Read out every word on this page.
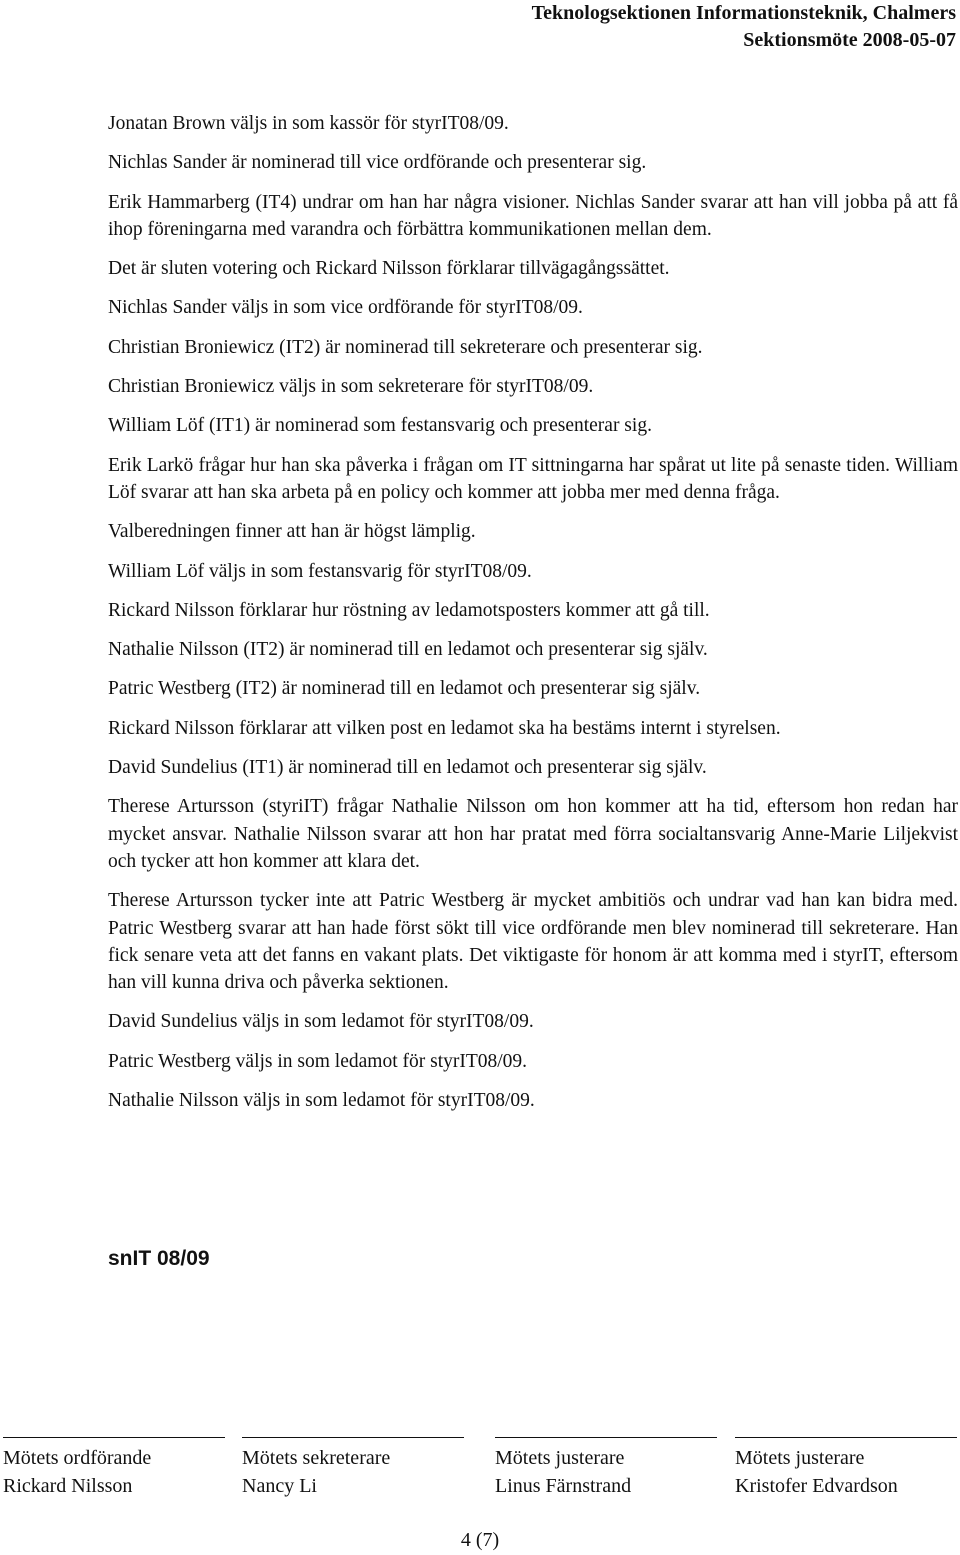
Teknologsektionen Informationsteknik, Chalmers
Sektionsmöte 2008-05-07

Jonatan Brown väljs in som kassör för styrIT08/09.

Nichlas Sander är nominerad till vice ordförande och presenterar sig.

Erik Hammarberg (IT4) undrar om han har några visioner. Nichlas Sander svarar att han vill jobba på att få ihop föreningarna med varandra och förbättra kommunikationen mellan dem.

Det är sluten votering och Rickard Nilsson förklarar tillvägagångssättet.

Nichlas Sander väljs in som vice ordförande för styrIT08/09.

Christian Broniewicz (IT2) är nominerad till sekreterare och presenterar sig.

Christian Broniewicz väljs in som sekreterare för styrIT08/09.

William Löf (IT1) är nominerad som festansvarig och presenterar sig.

Erik Larkö frågar hur han ska påverka i frågan om IT sittningarna har spårat ut lite på senaste tiden. William Löf svarar att han ska arbeta på en policy och kommer att jobba mer med denna fråga.

Valberedningen finner att han är högst lämplig.

William Löf väljs in som festansvarig för styrIT08/09.

Rickard Nilsson förklarar hur röstning av ledamotsposters kommer att gå till.

Nathalie Nilsson (IT2) är nominerad till en ledamot och presenterar sig själv.

Patric Westberg (IT2) är nominerad till en ledamot och presenterar sig själv.

Rickard Nilsson förklarar att vilken post en ledamot ska ha bestäms internt i styrelsen.

David Sundelius (IT1) är nominerad till en ledamot och presenterar sig själv.

Therese Artursson (styriIT) frågar Nathalie Nilsson om hon kommer att ha tid, eftersom hon redan har mycket ansvar. Nathalie Nilsson svarar att hon har pratat med förra socialtansvarig Anne-Marie Liljekvist och tycker att hon kommer att klara det.

Therese Artursson tycker inte att Patric Westberg är mycket ambitiös och undrar vad han kan bidra med. Patric Westberg svarar att han hade först sökt till vice ordförande men blev nominerad till sekreterare. Han fick senare veta att det fanns en vakant plats. Det viktigaste för honom är att komma med i styrIT, eftersom han vill kunna driva och påverka sektionen.

David Sundelius väljs in som ledamot för styrIT08/09.

Patric Westberg väljs in som ledamot för styrIT08/09.

Nathalie Nilsson väljs in som ledamot för styrIT08/09.

snIT 08/09
Mötets ordförande
Rickard Nilsson
Mötets sekreterare
Nancy Li
Mötets justerare
Linus Färnstrand
Mötets justerare
Kristofer Edvardson
4 (7)
